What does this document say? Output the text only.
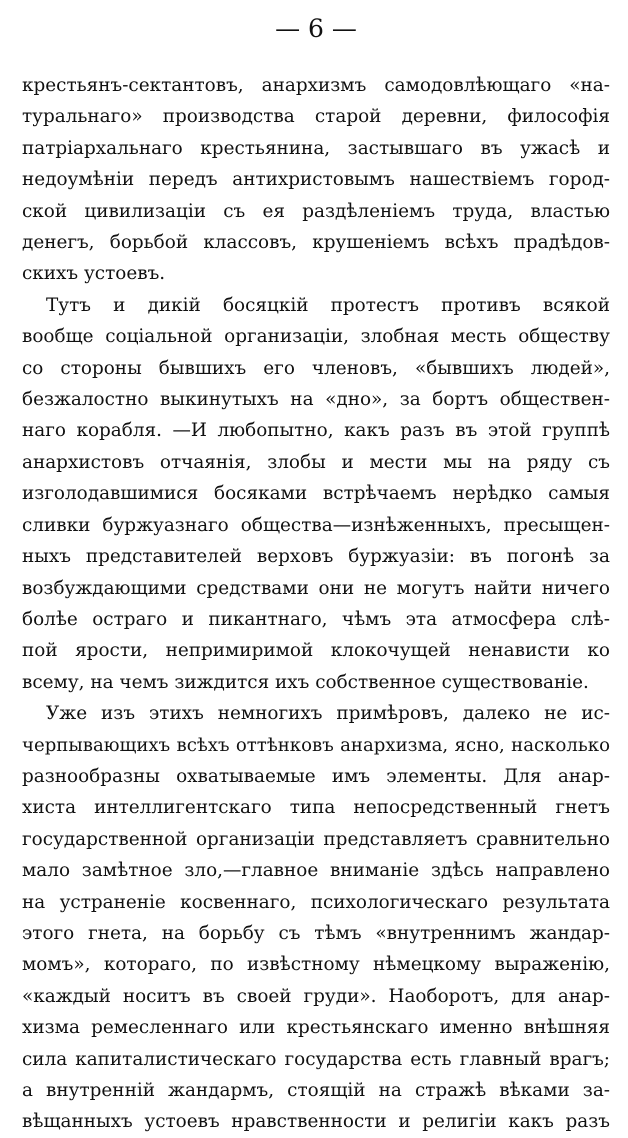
— 6 —
крестьянъ-сектантовъ, анархизмъ самодовлѣющаго «на-
туральнаго» производства старой деревни, философія
патріархальнаго крестьянина, застывшаго въ ужасѣ и
недоумѣніи передъ антихристовымъ нашествіемъ город-
ской цивилизаціи съ ея раздѣленіемъ труда, властью
денегъ, борьбой классовъ, крушеніемъ всѣхъ прадѣдов-
скихъ устоевъ.
Тутъ и дикій босяцкій протестъ противъ всякой
вообще соціальной организаціи, злобная месть обществу
со стороны бывшихъ его членовъ, «бывшихъ людей»,
безжалостно выкинутыхъ на «дно», за бортъ обществен-
наго корабля. —И любопытно, какъ разъ въ этой группѣ
анархистовъ отчаянія, злобы и мести мы на ряду съ
изголодавшимися босяками встрѣчаемъ нерѣдко самыя
сливки буржуазнаго общества—изнѣженныхъ, пресыщен-
ныхъ представителей верховъ буржуазіи: въ погонѣ за
возбуждающими средствами они не могутъ найти ничего
болѣе остраго и пикантнаго, чѣмъ эта атмосфера слѣ-
пой ярости, непримиримой клокочущей ненависти ко
всему, на чемъ зиждится ихъ собственное существованіе.
Уже изъ этихъ немногихъ примѣровъ, далеко не ис-
черпывающихъ всѣхъ оттѣнковъ анархизма, ясно, насколько
разнообразны охватываемые имъ элементы. Для анар-
хиста интеллигентскаго типа непосредственный гнетъ
государственной организаціи представляетъ сравнительно
мало замѣтное зло,—главное вниманіе здѣсь направлено
на устраненіе косвеннаго, психологическаго результата
этого гнета, на борьбу съ тѣмъ «внутреннимъ жандар-
момъ», котораго, по извѣстному нѣмецкому выраженію,
«каждый носитъ въ своей груди». Наоборотъ, для анар-
хизма ремесленнаго или крестьянскаго именно внѣшняя
сила капиталистическаго государства есть главный врагъ;
а внутренній жандармъ, стоящій на стражѣ вѣками за-
вѣщанныхъ устоевъ нравственности и религіи какъ разъ
